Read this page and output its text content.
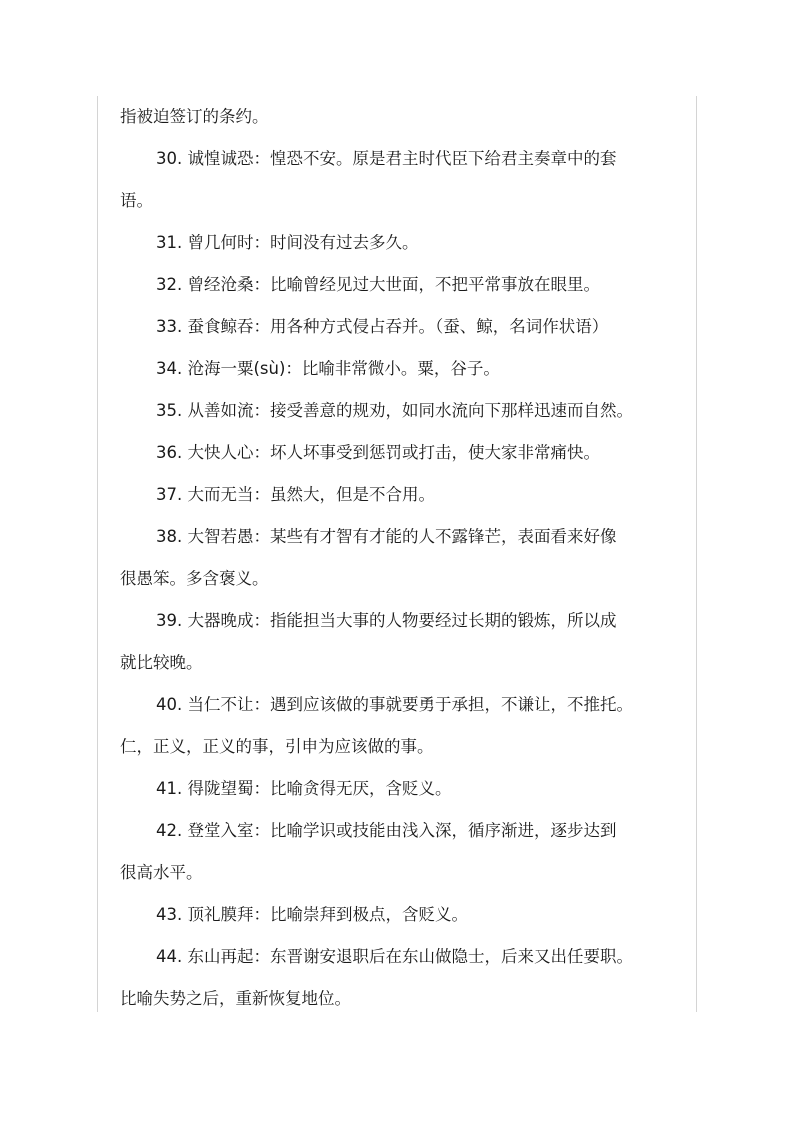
指被迫签订的条约。
30. 诚惶诚恐：惶恐不安。原是君主时代臣下给君主奏章中的套
语。
31. 曾几何时：时间没有过去多久。
32. 曾经沧桑：比喻曾经见过大世面，不把平常事放在眼里。
33. 蚕食鲸吞：用各种方式侵占吞并。（蚕、鲸，名词作状语）
34. 沧海一粟(sù)：比喻非常微小。粟，谷子。
35. 从善如流：接受善意的规劝，如同水流向下那样迅速而自然。
36. 大快人心：坏人坏事受到惩罚或打击，使大家非常痛快。
37. 大而无当：虽然大，但是不合用。
38. 大智若愚：某些有才智有才能的人不露锋芒，表面看来好像
很愚笨。多含褒义。
39. 大器晚成：指能担当大事的人物要经过长期的锻炼，所以成
就比较晚。
40. 当仁不让：遇到应该做的事就要勇于承担，不谦让，不推托。
仁，正义，正义的事，引申为应该做的事。
41. 得陇望蜀：比喻贪得无厌，含贬义。
42. 登堂入室：比喻学识或技能由浅入深，循序渐进，逐步达到
很高水平。
43. 顶礼膜拜：比喻崇拜到极点，含贬义。
44. 东山再起：东晋谢安退职后在东山做隐士，后来又出任要职。
比喻失势之后，重新恢复地位。
